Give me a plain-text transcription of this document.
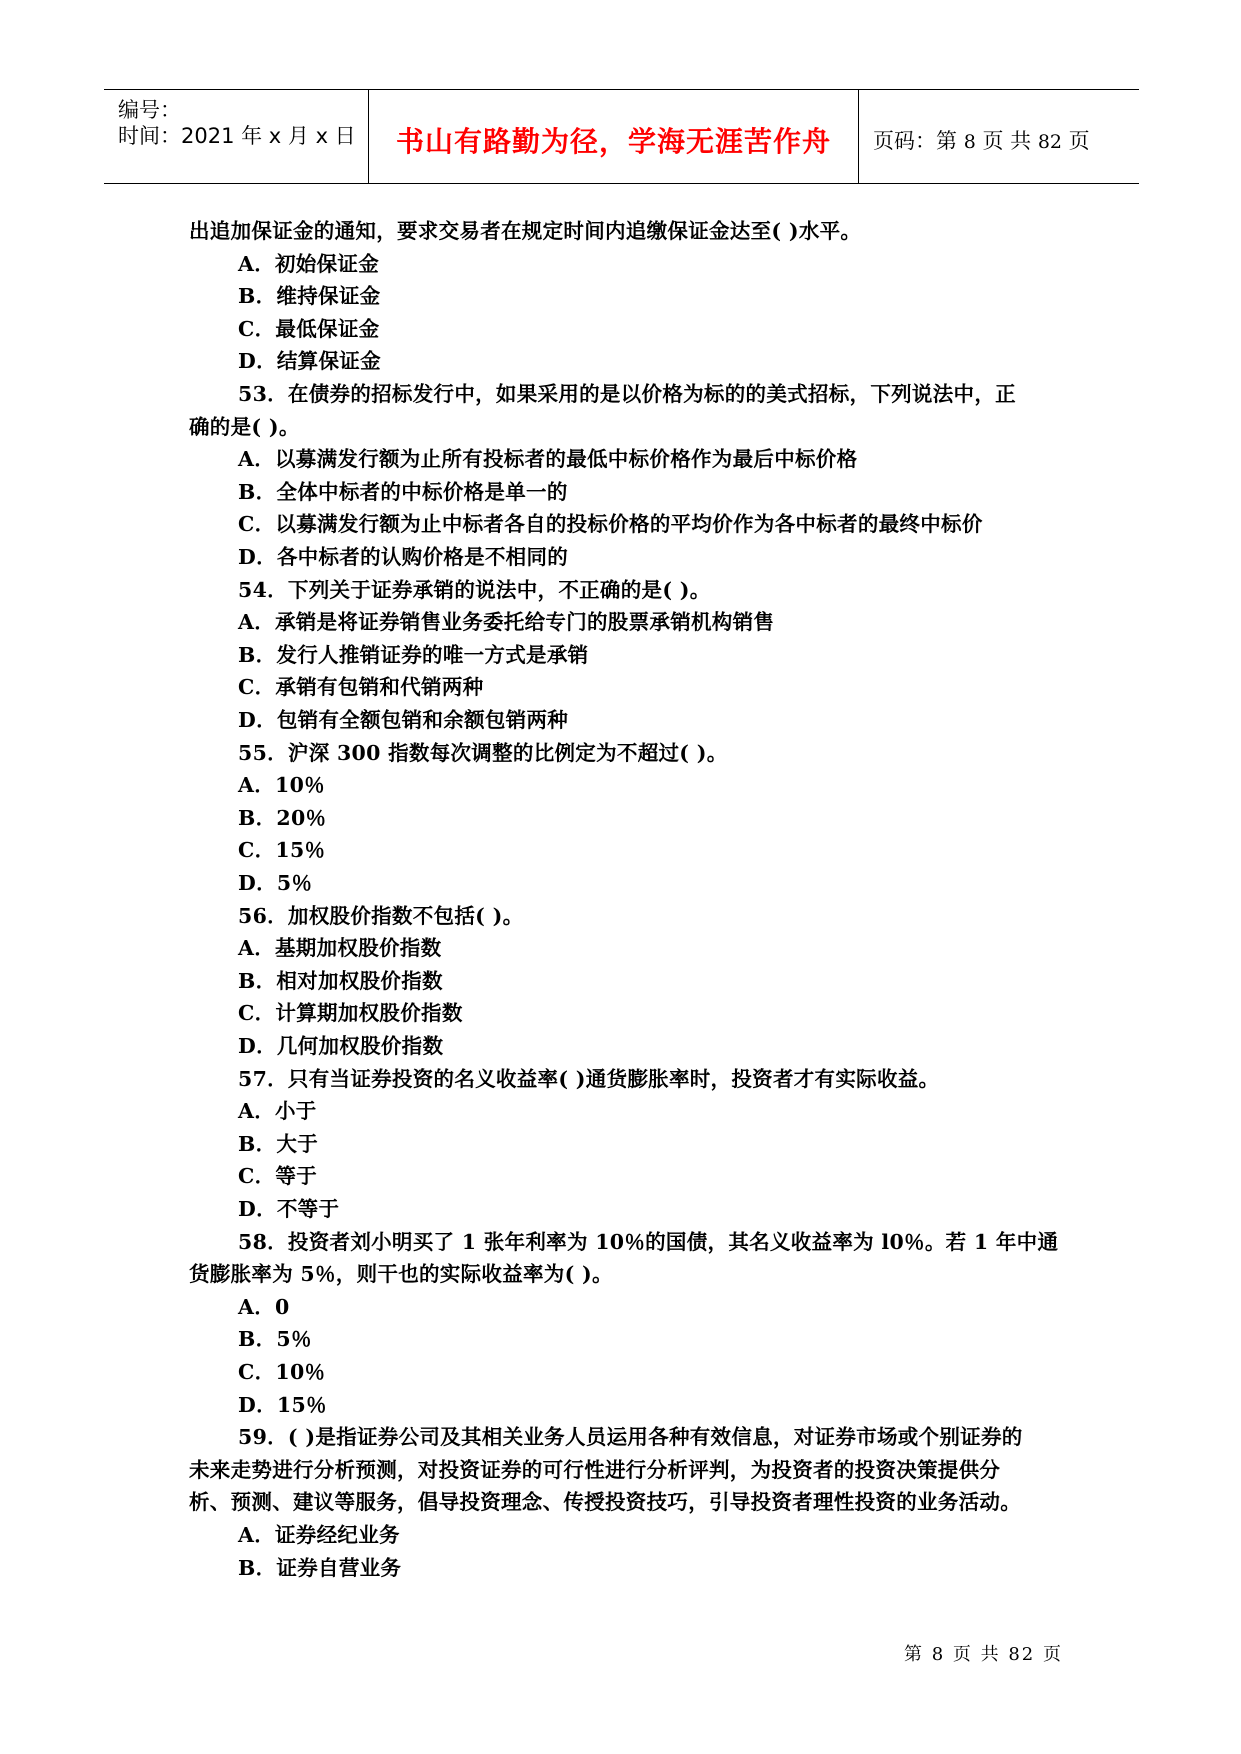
编号：
时间：2021 年 x 月 x 日	书山有路勤为径，学海无涯苦作舟	页码：第 8 页 共 82 页
出追加保证金的通知，要求交易者在规定时间内追缴保证金达至( )水平。
A．初始保证金
B．维持保证金
C．最低保证金
D．结算保证金
53．在债券的招标发行中，如果采用的是以价格为标的的美式招标，下列说法中，正
确的是( )。
A．以募满发行额为止所有投标者的最低中标价格作为最后中标价格
B．全体中标者的中标价格是单一的
C．以募满发行额为止中标者各自的投标价格的平均价作为各中标者的最终中标价
D．各中标者的认购价格是不相同的
54．下列关于证券承销的说法中，不正确的是( )。
A．承销是将证券销售业务委托给专门的股票承销机构销售
B．发行人推销证券的唯一方式是承销
C．承销有包销和代销两种
D．包销有全额包销和余额包销两种
55．沪深 300 指数每次调整的比例定为不超过( )。
A．10％
B．20％
C．15％
D．5％
56．加权股价指数不包括( )。
A．基期加权股价指数
B．相对加权股价指数
C．计算期加权股价指数
D．几何加权股价指数
57．只有当证券投资的名义收益率( )通货膨胀率时，投资者才有实际收益。
A．小于
B．大于
C．等于
D．不等于
58．投资者刘小明买了 1 张年利率为 10％的国债，其名义收益率为 l0％。若 1 年中通
货膨胀率为 5％，则干也的实际收益率为( )。
A．0
B．5％
C．10％
D．15％
59．( )是指证券公司及其相关业务人员运用各种有效信息，对证券市场或个别证券的
未来走势进行分析预测，对投资证券的可行性进行分析评判，为投资者的投资决策提供分
析、预测、建议等服务，倡导投资理念、传授投资技巧，引导投资者理性投资的业务活动。
A．证券经纪业务
B．证券自营业务
第 8 页 共 82 页
